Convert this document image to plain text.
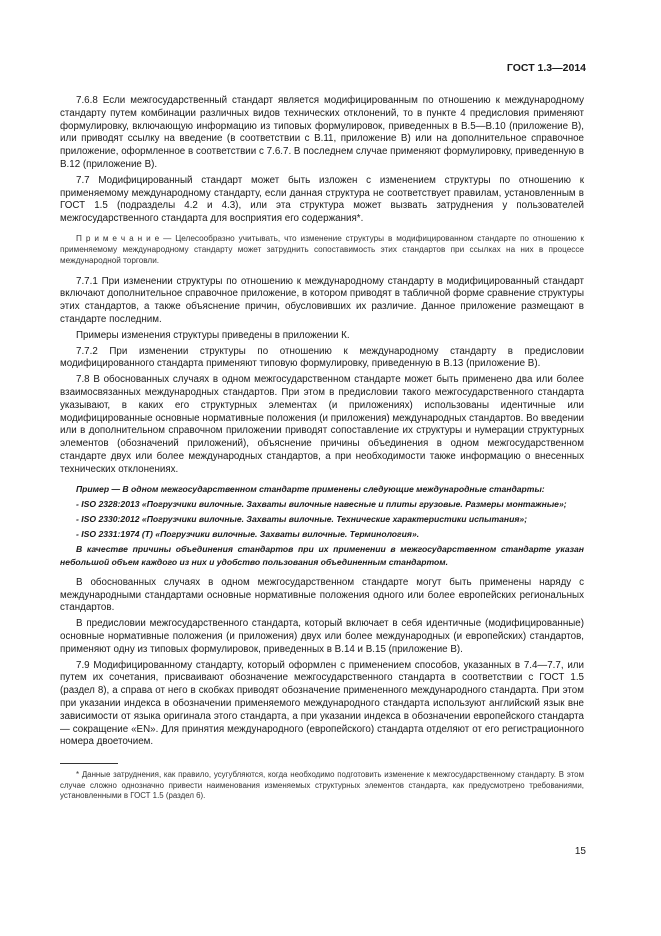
ГОСТ 1.3—2014

7.6.8 Если межгосударственный стандарт является модифицированным по отношению к международному стандарту путем комбинации различных видов технических отклонений, то в пункте 4 предисловия применяют формулировку, включающую информацию из типовых формулировок, приведенных в В.5—В.10 (приложение В), или приводят ссылку на введение (в соответствии с В.11, приложение В) или на дополнительное справочное приложение, оформленное в соответствии с 7.6.7. В последнем случае применяют формулировку, приведенную в В.12 (приложение В).

7.7 Модифицированный стандарт может быть изложен с изменением структуры по отношению к применяемому международному стандарту, если данная структура не соответствует правилам, установленным в ГОСТ 1.5 (подразделы 4.2 и 4.3), или эта структура может вызвать затруднения у пользователей межгосударственного стандарта для восприятия его содержания*.

П р и м е ч а н и е — Целесообразно учитывать, что изменение структуры в модифицированном стандарте по отношению к применяемому международному стандарту может затруднить сопоставимость этих стандартов при ссылках на них в процессе международной торговли.

7.7.1 При изменении структуры по отношению к международному стандарту в модифицированный стандарт включают дополнительное справочное приложение, в котором приводят в табличной форме сравнение структуры этих стандартов, а также объяснение причин, обусловивших их различие. Данное приложение размещают в стандарте последним.

Примеры изменения структуры приведены в приложении К.

7.7.2 При изменении структуры по отношению к международному стандарту в предисловии модифицированного стандарта применяют типовую формулировку, приведенную в В.13 (приложение В).

7.8 В обоснованных случаях в одном межгосударственном стандарте может быть применено два или более взаимосвязанных международных стандартов. При этом в предисловии такого межгосударственного стандарта указывают, в каких его структурных элементах (и приложениях) использованы идентичные или модифицированные основные нормативные положения (и приложения) международных стандартов. Во введении или в дополнительном справочном приложении приводят сопоставление их структуры и нумерации структурных элементов (обозначений приложений), объяснение причины объединения в одном межгосударственном стандарте двух или более международных стандартов, а при необходимости также информацию о внесенных технических отклонениях.

Пример — В одном межгосударственном стандарте применены следующие международные стандарты:

- ISO 2328:2013 «Погрузчики вилочные. Захваты вилочные навесные и плиты грузовые. Размеры монтажные»;

- ISO 2330:2012 «Погрузчики вилочные. Захваты вилочные. Технические характеристики испытания»;

- ISO 2331:1974 (Т) «Погрузчики вилочные. Захваты вилочные. Терминология».

В качестве причины объединения стандартов при их применении в межгосударственном стандарте указан небольшой объем каждого из них и удобство пользования объединенным стандартом.

В обоснованных случаях в одном межгосударственном стандарте могут быть применены наряду с международными стандартами основные нормативные положения одного или более европейских региональных стандартов.

В предисловии межгосударственного стандарта, который включает в себя идентичные (модифицированные) основные нормативные положения (и приложения) двух или более международных (и европейских) стандартов, применяют одну из типовых формулировок, приведенных в В.14 и В.15 (приложение В).

7.9 Модифицированному стандарту, который оформлен с применением способов, указанных в 7.4—7.7, или путем их сочетания, присваивают обозначение межгосударственного стандарта в соответствии с ГОСТ 1.5 (раздел 8), а справа от него в скобках приводят обозначение примененного международного стандарта. При этом при указании индекса в обозначении применяемого международного стандарта используют английский язык вне зависимости от языка оригинала этого стандарта, а при указании индекса в обозначении европейского стандарта — сокращение «EN». Для принятия международного (европейского) стандарта отделяют от его регистрационного номера двоеточием.

* Данные затруднения, как правило, усугубляются, когда необходимо подготовить изменение к межгосударственному стандарту. В этом случае сложно однозначно привести наименования изменяемых структурных элементов стандарта, как предусмотрено требованиями, установленными в ГОСТ 1.5 (раздел 6).

15
